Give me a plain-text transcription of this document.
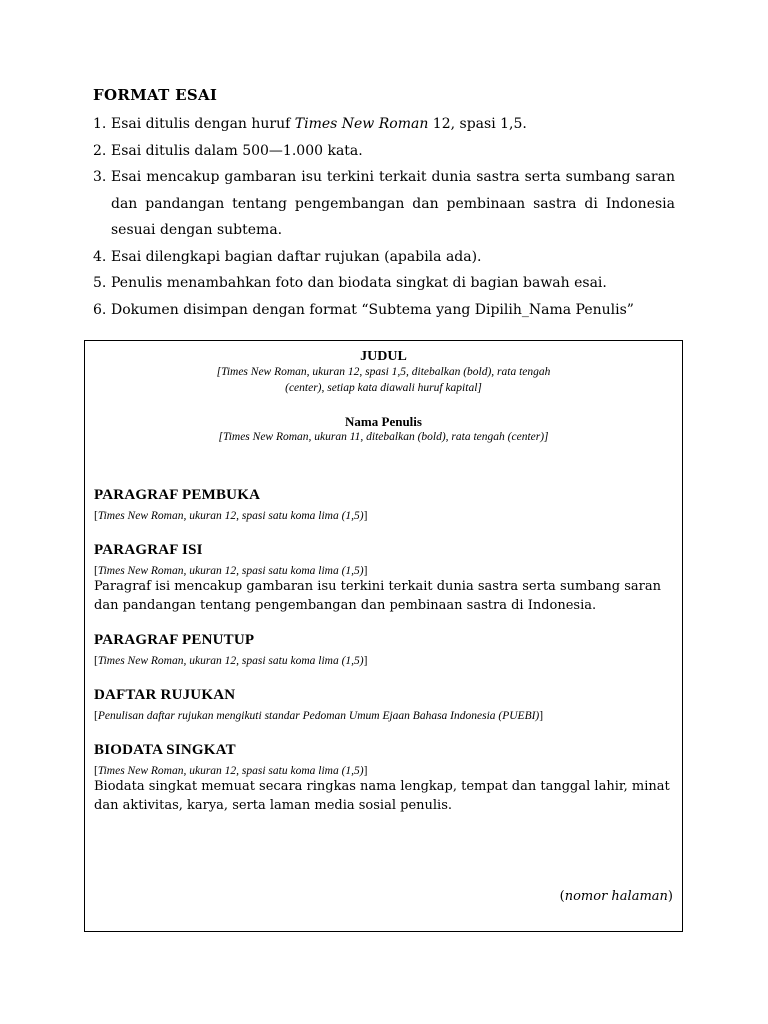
FORMAT ESAI
1. Esai ditulis dengan huruf Times New Roman 12, spasi 1,5.
2. Esai ditulis dalam 500—1.000 kata.
3. Esai mencakup gambaran isu terkini terkait dunia sastra serta sumbang saran dan pandangan tentang pengembangan dan pembinaan sastra di Indonesia sesuai dengan subtema.
4. Esai dilengkapi bagian daftar rujukan (apabila ada).
5. Penulis menambahkan foto dan biodata singkat di bagian bawah esai.
6. Dokumen disimpan dengan format “Subtema yang Dipilih_Nama Penulis”
JUDUL
[Times New Roman, ukuran 12, spasi 1,5, ditebalkan (bold), rata tengah
(center), setiap kata diawali huruf kapital]
Nama Penulis
[Times New Roman, ukuran 11, ditebalkan (bold), rata tengah (center)]
PARAGRAF PEMBUKA
[Times New Roman, ukuran 12, spasi satu koma lima (1,5)]
PARAGRAF ISI
[Times New Roman, ukuran 12, spasi satu koma lima (1,5)]
Paragraf isi mencakup gambaran isu terkini terkait dunia sastra serta sumbang saran dan pandangan tentang pengembangan dan pembinaan sastra di Indonesia.
PARAGRAF PENUTUP
[Times New Roman, ukuran 12, spasi satu koma lima (1,5)]
DAFTAR RUJUKAN
[Penulisan daftar rujukan mengikuti standar Pedoman Umum Ejaan Bahasa Indonesia (PUEBI)]
BIODATA SINGKAT
[Times New Roman, ukuran 12, spasi satu koma lima (1,5)]
Biodata singkat memuat secara ringkas nama lengkap, tempat dan tanggal lahir, minat dan aktivitas, karya, serta laman media sosial penulis.
(nomor halaman)
